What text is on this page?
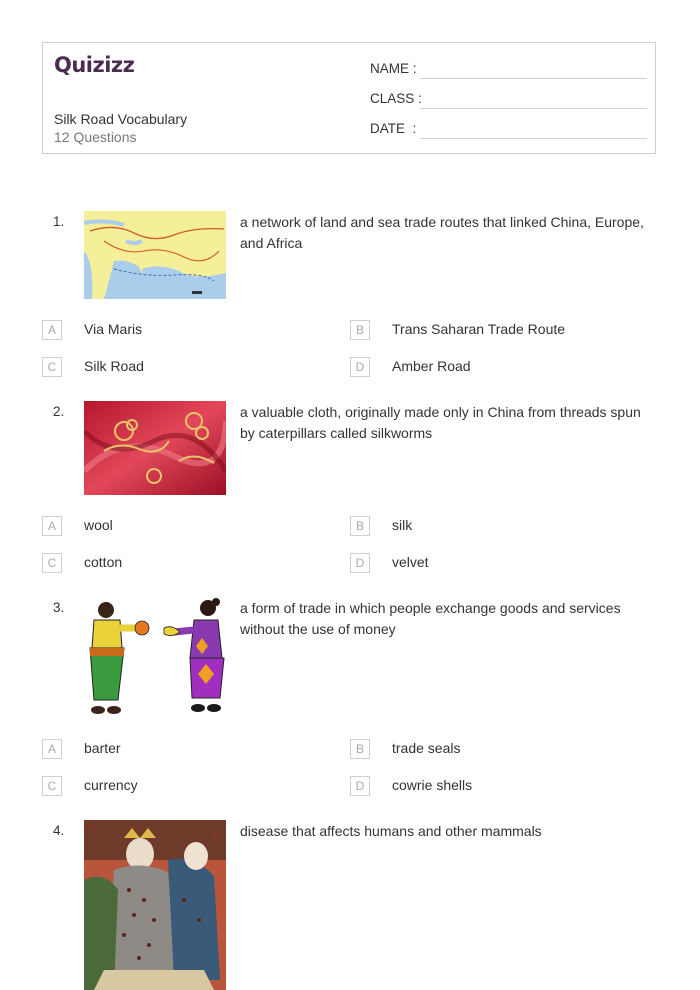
Quizizz
Silk Road Vocabulary
12 Questions
NAME :
CLASS :
DATE  :
1.	a network of land and sea trade routes that linked China, Europe, and Africa
A	Via Maris	B	Trans Saharan Trade Route
C	Silk Road	D	Amber Road
2.	a valuable cloth, originally made only in China from threads spun by caterpillars called silkworms
A	wool	B	silk
C	cotton	D	velvet
3.	a form of trade in which people exchange goods and services without the use of money
A	barter	B	trade seals
C	currency	D	cowrie shells
4.	disease that affects humans and other mammals
